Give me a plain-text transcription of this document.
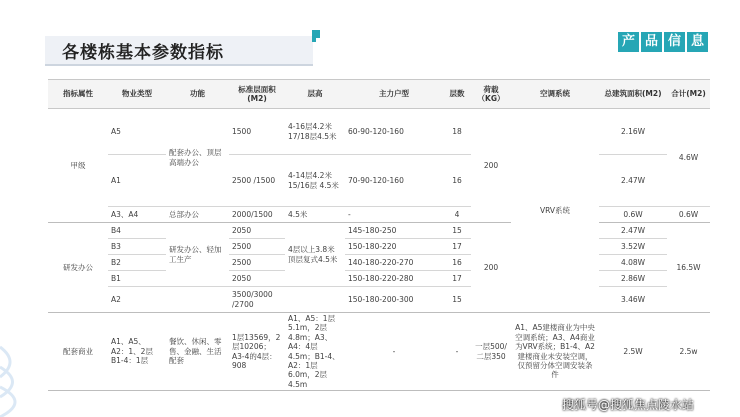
各楼栋基本参数指标
产 品 信 息
指标属性	物业类型	功能	标准层面积(M2)	层高	主力户型	层数	荷载（KG）	空调系统	总建筑面积(M2)	合计(M2)
甲级	A5	配套办公、顶层高端办公	1500	4-16层4.2米 17/18层4.5米	60-90-120-160	18	200	VRV系统	2.16W	4.6W
	A1		2500 /1500	4-14层4.2米 15/16层 4.5米	70-90-120-160	16			2.47W	
	A3、A4	总部办公	2000/1500	4.5米	-	4			0.6W	0.6W
研发办公	B4	研发办公、轻加工生产	2050	4层以上3.8米 顶层复式4.5米	145-180-250	15	200		2.47W	16.5W
	B3		2500		150-180-220	17			3.52W	
	B2		2500		140-180-220-270	16			4.08W	
	B1		2050		150-180-220-280	17			2.86W	
	A2		3500/3000 /2700		150-180-200-300	15			3.46W	
配套商业	A1、A5、A2：1、2层 B1-4：1层	餐饮、休闲、零售、金融、生活配套	1层13569，2层10206；A3-4的4层：908	A1、A5：1层5.1m，2层4.8m；A3、A4：4层4.5m；B1-4、A2：1层6.0m，2层4.5m	-	-	一层500/二层350	A1、A5建楼商业为中央空调系统；A3、A4商业为VRV系统；B1-4、A2建楼商业未安装空调，仅预留分体空调安装条件	2.5W	2.5w
搜狐号@搜狐焦点陵水站
